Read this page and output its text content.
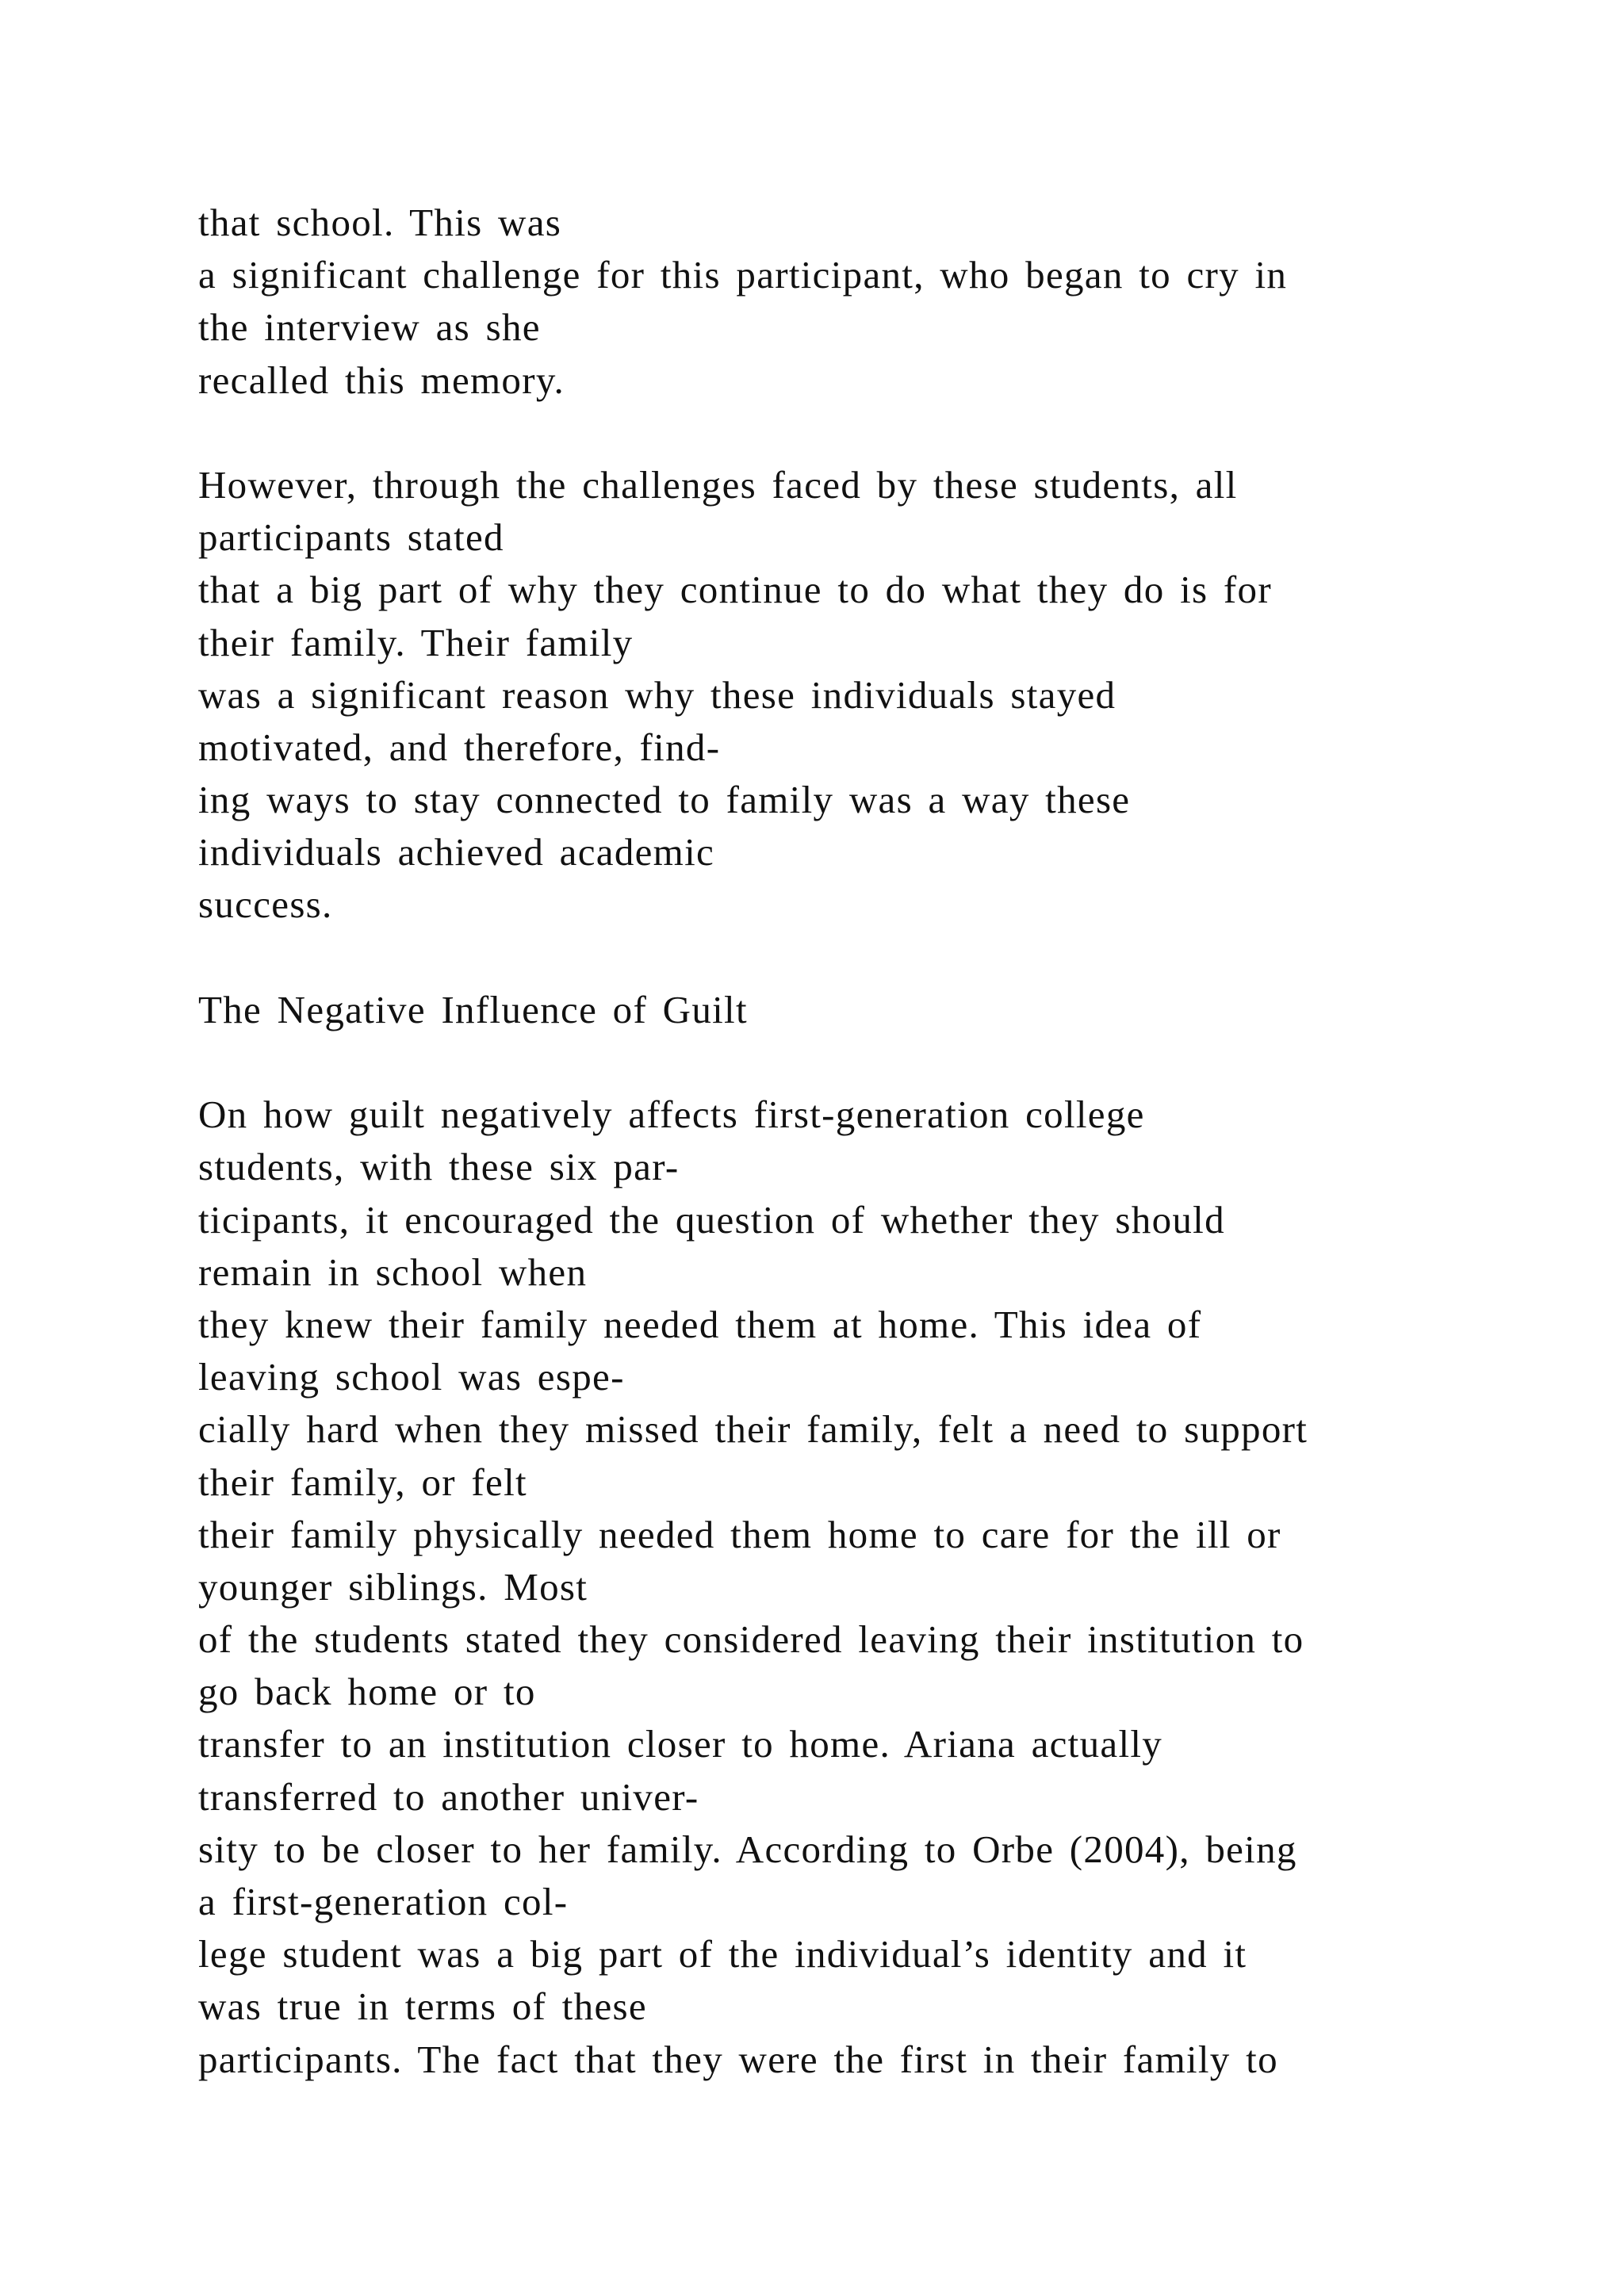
that school. This was
a significant challenge for this participant, who began to cry in
the interview as she
recalled this memory.
However, through the challenges faced by these students, all
participants stated
that a big part of why they continue to do what they do is for
their family. Their family
was a significant reason why these individuals stayed
motivated, and therefore, find-
ing ways to stay connected to family was a way these
individuals achieved academic
success.
The Negative Influence of Guilt
On how guilt negatively affects first-generation college
students, with these six par-
ticipants, it encouraged the question of whether they should
remain in school when
they knew their family needed them at home. This idea of
leaving school was espe-
cially hard when they missed their family, felt a need to support
their family, or felt
their family physically needed them home to care for the ill or
younger siblings. Most
of the students stated they considered leaving their institution to
go back home or to
transfer to an institution closer to home. Ariana actually
transferred to another univer-
sity to be closer to her family. According to Orbe (2004), being
a first-generation col-
lege student was a big part of the individual’s identity and it
was true in terms of these
participants. The fact that they were the first in their family to
